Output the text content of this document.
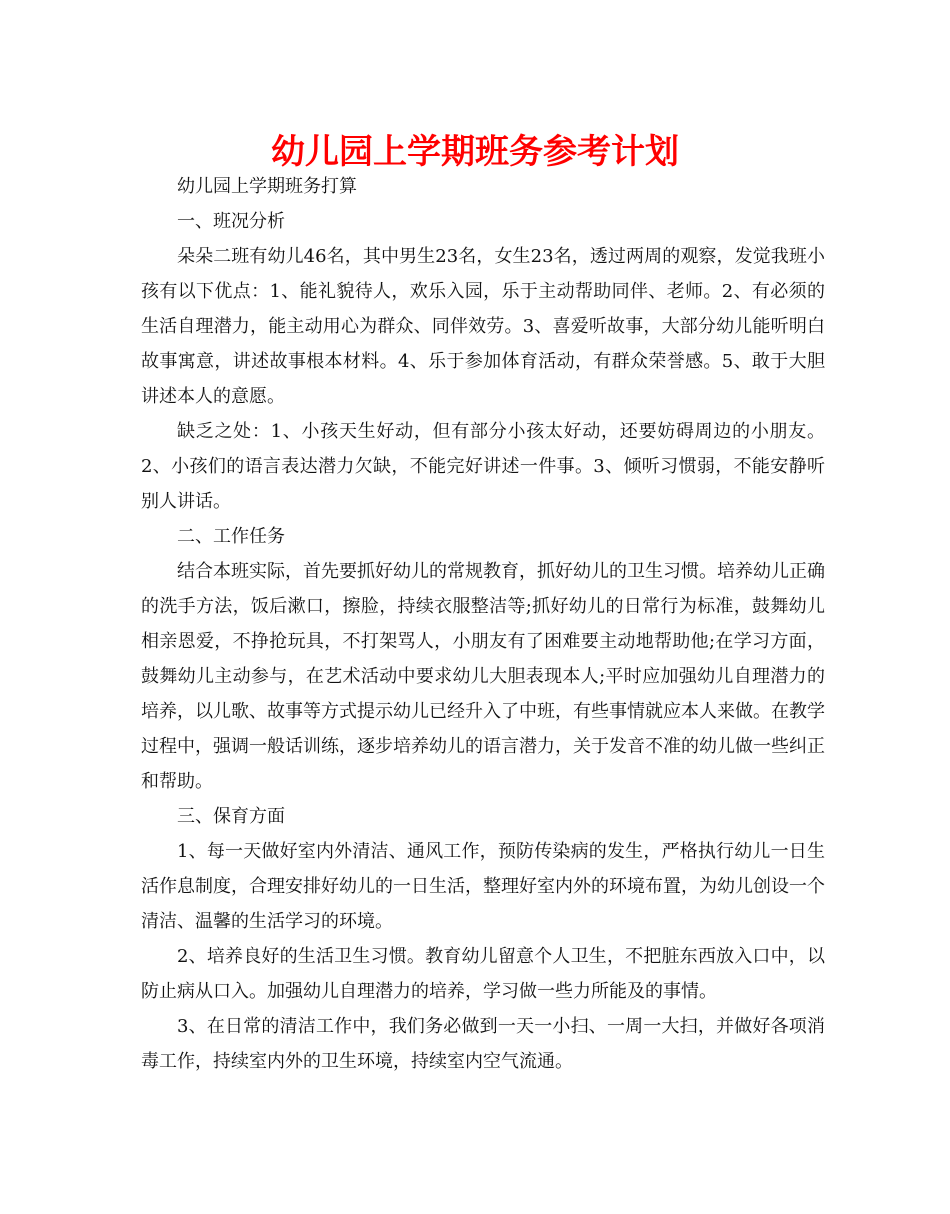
幼儿园上学期班务参考计划

幼儿园上学期班务打算

一、班况分析

朵朵二班有幼儿46名，其中男生23名，女生23名，透过两周的观察，发觉我班小孩有以下优点：1、能礼貌待人，欢乐入园，乐于主动帮助同伴、老师。2、有必须的生活自理潜力，能主动用心为群众、同伴效劳。3、喜爱听故事，大部分幼儿能听明白故事寓意，讲述故事根本材料。4、乐于参加体育活动，有群众荣誉感。5、敢于大胆讲述本人的意愿。

缺乏之处：1、小孩天生好动，但有部分小孩太好动，还要妨碍周边的小朋友。2、小孩们的语言表达潜力欠缺，不能完好讲述一件事。3、倾听习惯弱，不能安静听别人讲话。

二、工作任务

结合本班实际，首先要抓好幼儿的常规教育，抓好幼儿的卫生习惯。培养幼儿正确的洗手方法，饭后漱口，擦脸，持续衣服整洁等;抓好幼儿的日常行为标准，鼓舞幼儿相亲恩爱，不挣抢玩具，不打架骂人，小朋友有了困难要主动地帮助他;在学习方面，鼓舞幼儿主动参与，在艺术活动中要求幼儿大胆表现本人;平时应加强幼儿自理潜力的培养，以儿歌、故事等方式提示幼儿已经升入了中班，有些事情就应本人来做。在教学过程中，强调一般话训练，逐步培养幼儿的语言潜力，关于发音不准的幼儿做一些纠正和帮助。

三、保育方面

1、每一天做好室内外清洁、通风工作，预防传染病的发生，严格执行幼儿一日生活作息制度，合理安排好幼儿的一日生活，整理好室内外的环境布置，为幼儿创设一个清洁、温馨的生活学习的环境。

2、培养良好的生活卫生习惯。教育幼儿留意个人卫生，不把脏东西放入口中，以防止病从口入。加强幼儿自理潜力的培养，学习做一些力所能及的事情。

3、在日常的清洁工作中，我们务必做到一天一小扫、一周一大扫，并做好各项消毒工作，持续室内外的卫生环境，持续室内空气流通。
